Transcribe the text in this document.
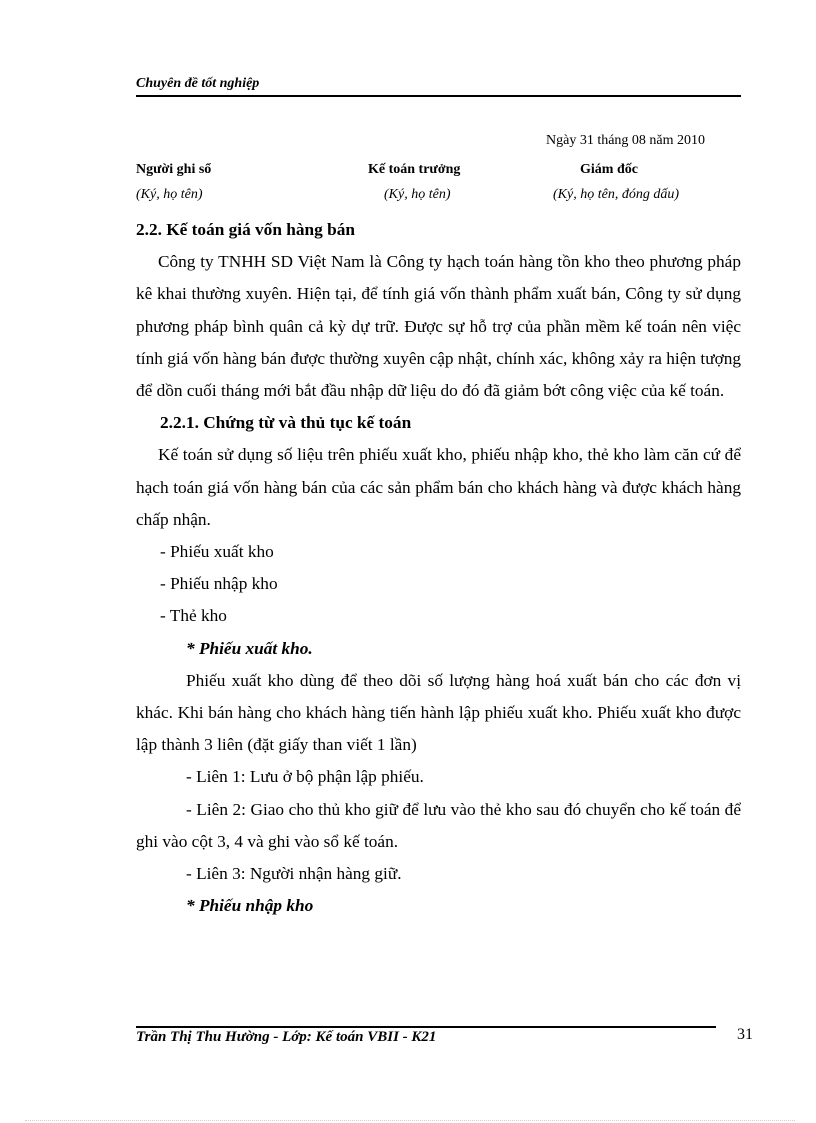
Chuyên đề tốt nghiệp
Ngày 31 tháng 08 năm 2010
Người ghi sổ	Kế toán trưởng	Giám đốc
(Ký, họ tên)	(Ký, họ tên)	(Ký, họ tên, đóng dấu)

2.2. Kế toán giá vốn hàng bán

Công ty TNHH SD Việt Nam là Công ty hạch toán hàng tồn kho theo phương pháp kê khai thường xuyên. Hiện tại, để tính giá vốn thành phẩm xuất bán, Công ty sử dụng phương pháp bình quân cả kỳ dự trữ. Được sự hỗ trợ của phần mềm kế toán nên việc tính giá vốn hàng bán được thường xuyên cập nhật, chính xác, không xảy ra hiện tượng để dồn cuối tháng mới bắt đầu nhập dữ liệu do đó đã giảm bớt công việc của kế toán.

2.2.1. Chứng từ và thủ tục kế toán

Kế toán sử dụng số liệu trên phiếu xuất kho, phiếu nhập kho, thẻ kho làm căn cứ để hạch toán giá vốn hàng bán của các sản phẩm bán cho khách hàng và được khách hàng chấp nhận.

- Phiếu xuất kho

- Phiếu nhập kho

- Thẻ kho

* Phiếu xuất kho.

Phiếu xuất kho dùng để theo dõi số lượng hàng hoá xuất bán cho các đơn vị khác. Khi bán hàng cho khách hàng tiến hành lập phiếu xuất kho. Phiếu xuất kho được lập thành 3 liên (đặt giấy than viết 1 lần)

- Liên 1: Lưu ở bộ phận lập phiếu.

- Liên 2: Giao cho thủ kho giữ để lưu vào thẻ kho sau đó chuyển cho kế toán để ghi vào cột 3, 4 và ghi vào sổ kế toán.

- Liên 3: Người nhận hàng giữ.

* Phiếu nhập kho

Trần Thị Thu Hường - Lớp: Kế toán VBII - K21	31
